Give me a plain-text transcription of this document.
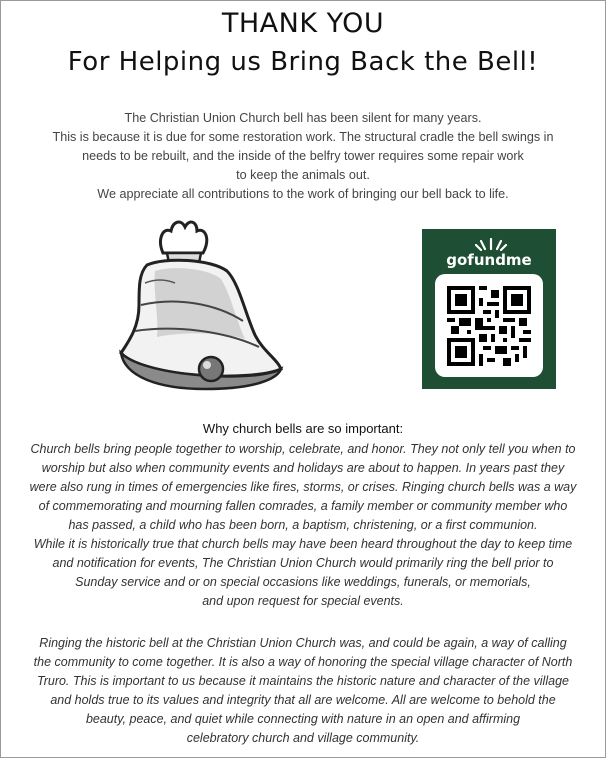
THANK YOU
For Helping us Bring Back the Bell!

The Christian Union Church bell has been silent for many years.

This is because it is due for some restoration work. The structural cradle the bell swings in

needs to be rebuilt, and the inside of the belfry tower requires some repair work

to keep the animals out.

We appreciate all contributions to the work of bringing our bell back to life.

gofundme
Why church bells are so important:

Church bells bring people together to worship, celebrate, and honor. They not only tell you when to

worship but also when community events and holidays are about to happen. In years past they

were also rung in times of emergencies like fires, storms, or crises. Ringing church bells was a way

of commemorating and mourning fallen comrades, a family member or community member who

has passed, a child who has been born, a baptism, christening, or a first communion.

While it is historically true that church bells may have been heard throughout the day to keep time

and notification for events, The Christian Union Church would primarily ring the bell prior to

Sunday service and or on special occasions like weddings, funerals, or memorials,

and upon request for special events.

Ringing the historic bell at the Christian Union Church was, and could be again, a way of calling

the community to come together. It is also a way of honoring the special village character of North

Truro. This is important to us because it maintains the historic nature and character of the village

and holds true to its values and integrity that all are welcome. All are welcome to behold the

beauty, peace, and quiet while connecting with nature in an open and affirming

celebratory church and village community.
